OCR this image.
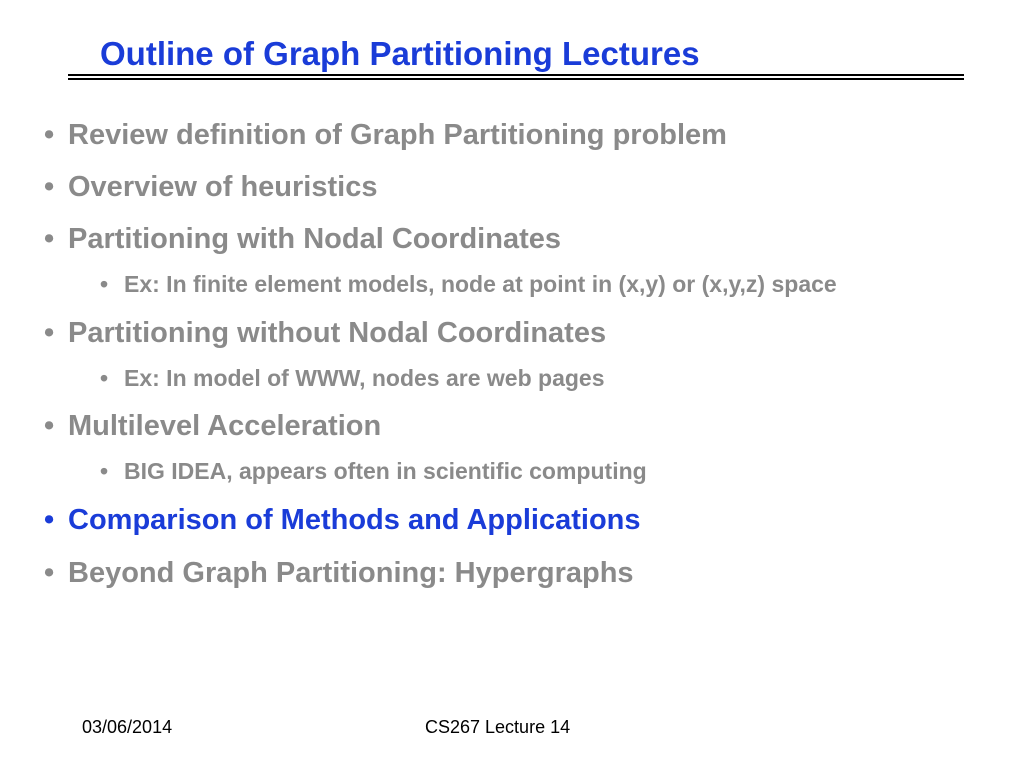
Outline of Graph Partitioning Lectures
• Review definition of Graph Partitioning problem
• Overview of heuristics
• Partitioning with Nodal Coordinates
• Ex: In finite element models, node at point in (x,y) or (x,y,z) space
• Partitioning without Nodal Coordinates
• Ex: In model of WWW, nodes are web pages
• Multilevel Acceleration
• BIG IDEA, appears often in scientific computing
• Comparison of Methods and Applications
• Beyond Graph Partitioning: Hypergraphs
03/06/2014	CS267 Lecture 14
